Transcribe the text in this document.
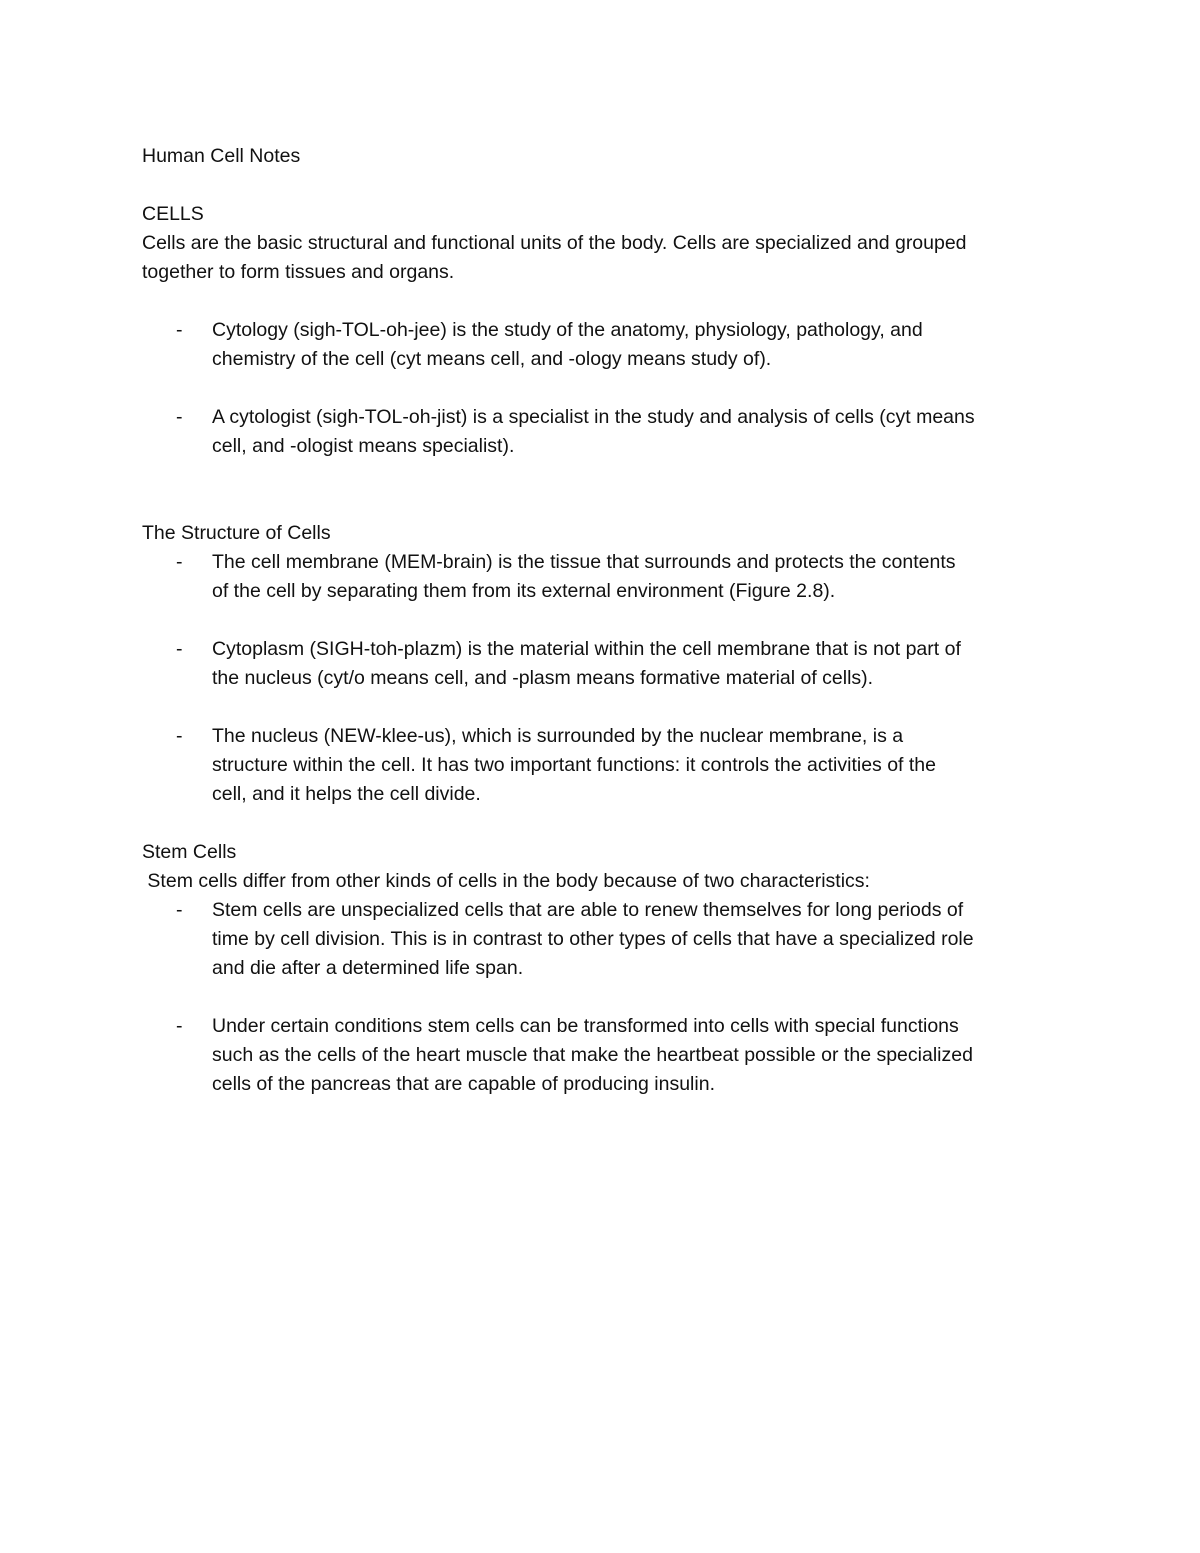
Human Cell Notes
CELLS
Cells are the basic structural and functional units of the body. Cells are specialized and grouped
together to form tissues and organs.
- Cytology (sigh-TOL-oh-jee) is the study of the anatomy, physiology, pathology, and
chemistry of the cell (cyt means cell, and -ology means study of).
- A cytologist (sigh-TOL-oh-jist) is a specialist in the study and analysis of cells (cyt means
cell, and -ologist means specialist).
The Structure of Cells
- The cell membrane (MEM-brain) is the tissue that surrounds and protects the contents
of the cell by separating them from its external environment (Figure 2.8).
- Cytoplasm (SIGH-toh-plazm) is the material within the cell membrane that is not part of
the nucleus (cyt/o means cell, and -plasm means formative material of cells).
- The nucleus (NEW-klee-us), which is surrounded by the nuclear membrane, is a
structure within the cell. It has two important functions: it controls the activities of the
cell, and it helps the cell divide.
Stem Cells
Stem cells differ from other kinds of cells in the body because of two characteristics:
- Stem cells are unspecialized cells that are able to renew themselves for long periods of
time by cell division. This is in contrast to other types of cells that have a specialized role
and die after a determined life span.
- Under certain conditions stem cells can be transformed into cells with special functions
such as the cells of the heart muscle that make the heartbeat possible or the specialized
cells of the pancreas that are capable of producing insulin.
